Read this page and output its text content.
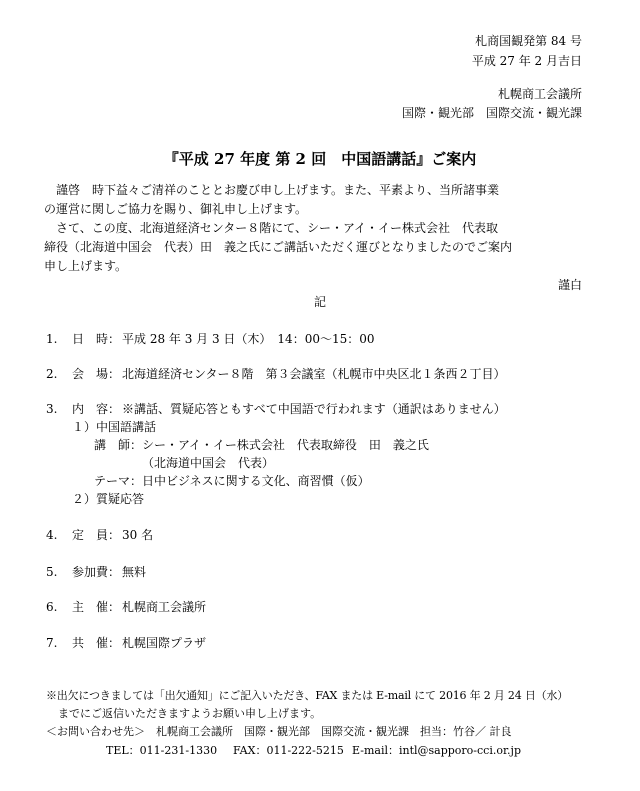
札商国観発第 84 号
平成 27 年 2 月吉日
札幌商工会議所
国際・観光部　国際交流・観光課
『平成 27 年度 第 2 回　中国語講話』ご案内
　謹啓　時下益々ご清祥のこととお慶び申し上げます。また、平素より、当所諸事業
の運営に関しご協力を賜り、御礼申し上げます。
　さて、この度、北海道経済センター８階にて、シー・アイ・イー株式会社　代表取
締役（北海道中国会　代表）田　義之氏にご講話いただく運びとなりましたのでご案内
申し上げます。
謹白
記
1. 日　時： 平成 28 年 3 月 3 日（木）　14：00～15：00
2. 会　場： 北海道経済センター８階　第３会議室（札幌市中央区北１条西２丁目）
3. 内　容： ※講話、質疑応答ともすべて中国語で行われます（通訳はありません）
１）中国語講話
講　師：シー・アイ・イー株式会社　代表取締役　田　義之氏
（北海道中国会　代表）
テーマ：日中ビジネスに関する文化、商習慣（仮）
２）質疑応答
4. 定　員： 30 名
5. 参加費： 無料
6. 主　催： 札幌商工会議所
7. 共　催： 札幌国際プラザ
※出欠につきましては「出欠通知」にご記入いただき、FAX または E-mail にて 2016 年 2 月 24 日（水）
までにご返信いただきますようお願い申し上げます。
＜お問い合わせ先＞　札幌商工会議所　国際・観光部　国際交流・観光課　担当：竹谷／ 計良
TEL：011-231-1330 FAX：011-222-5215 E-mail：intl@sapporo-cci.or.jp
